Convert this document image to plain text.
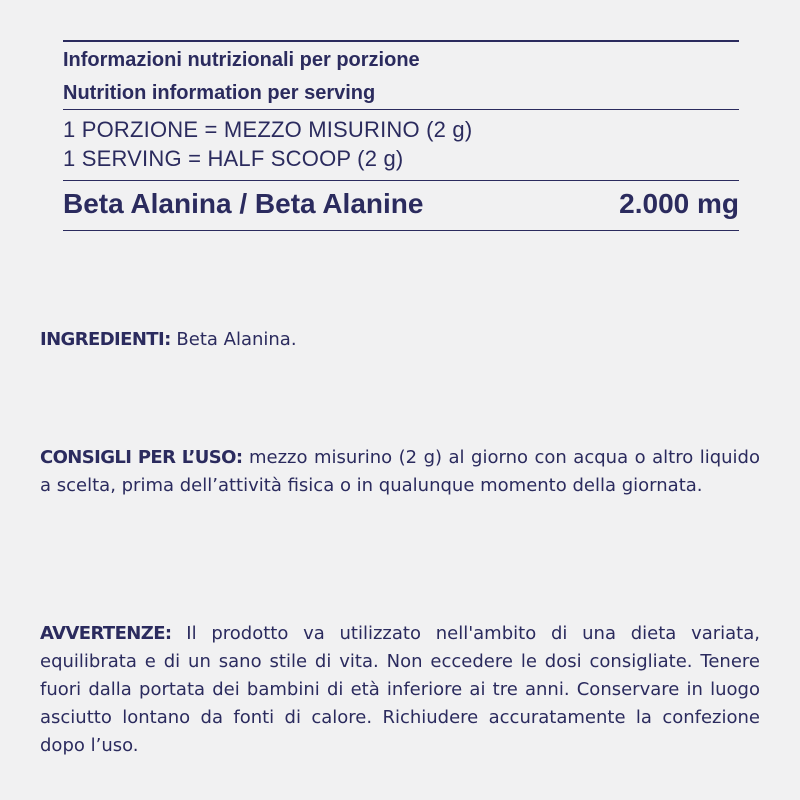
Informazioni nutrizionali per porzione
Nutrition information per serving
1 PORZIONE = MEZZO MISURINO (2 g)
1 SERVING = HALF SCOOP (2 g)
Beta Alanina / Beta Alanine	2.000 mg

INGREDIENTI: Beta Alanina.

CONSIGLI PER L’USO: mezzo misurino (2 g) al giorno con acqua o altro liquido a scelta, prima dell’attività fisica o in qualunque momento della giornata.

AVVERTENZE: Il prodotto va utilizzato nell'ambito di una dieta variata, equilibrata e di un sano stile di vita. Non eccedere le dosi consigliate. Tenere fuori dalla portata dei bambini di età inferiore ai tre anni. Conservare in luogo asciutto lontano da fonti di calore. Richiudere accuratamente la confezione dopo l’uso.
